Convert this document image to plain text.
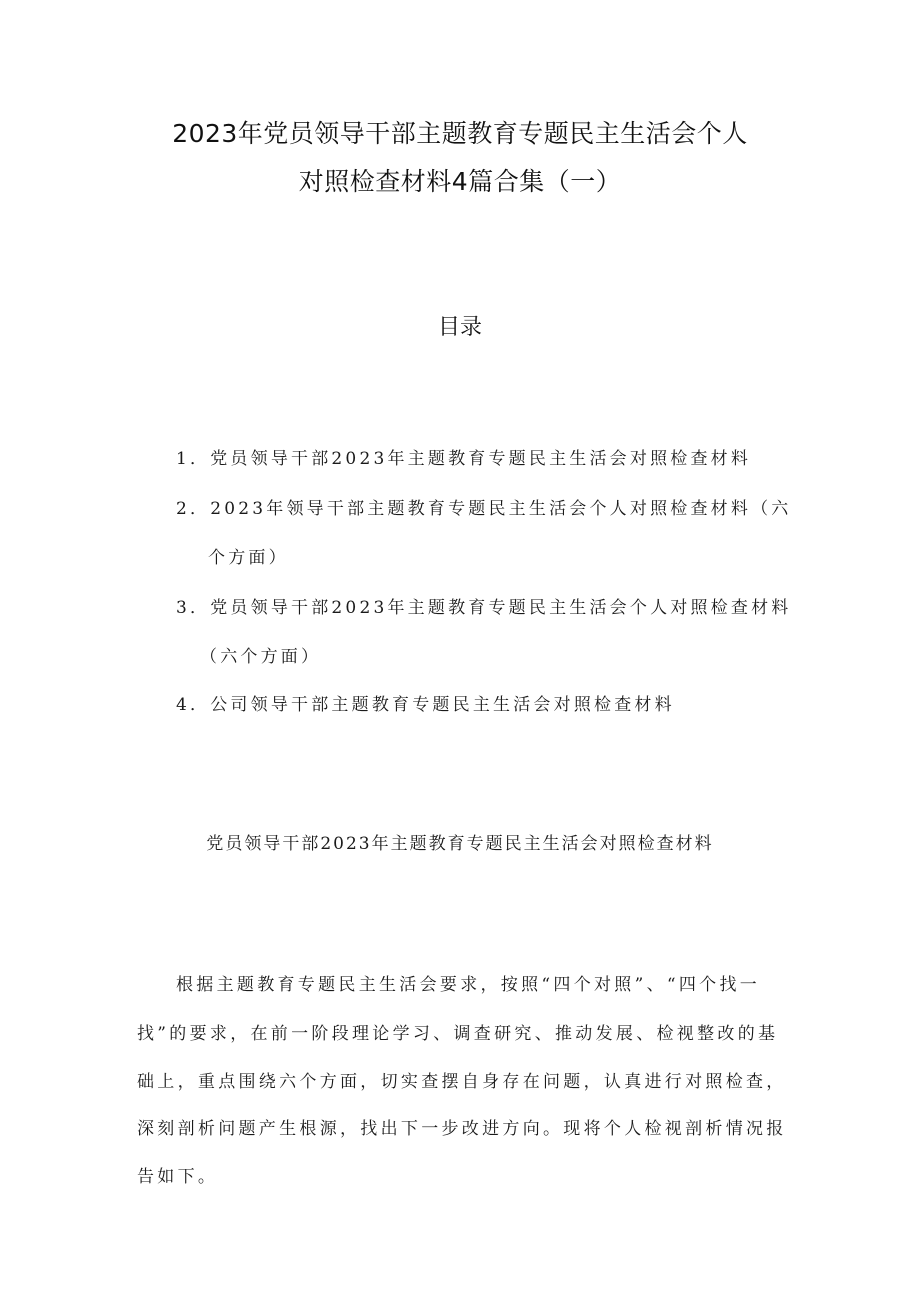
2023年党员领导干部主题教育专题民主生活会个人
对照检查材料4篇合集（一）
目录
1．党员领导干部2023年主题教育专题民主生活会对照检查材料
2．2023年领导干部主题教育专题民主生活会个人对照检查材料（六
个方面）
3．党员领导干部2023年主题教育专题民主生活会个人对照检查材料
（六个方面）
4．公司领导干部主题教育专题民主生活会对照检查材料
党员领导干部2023年主题教育专题民主生活会对照检查材料
根据主题教育专题民主生活会要求，按照“四个对照”、“四个找一
找”的要求，在前一阶段理论学习、调查研究、推动发展、检视整改的基
础上，重点围绕六个方面，切实查摆自身存在问题，认真进行对照检查，
深刻剖析问题产生根源，找出下一步改进方向。现将个人检视剖析情况报
告如下。
